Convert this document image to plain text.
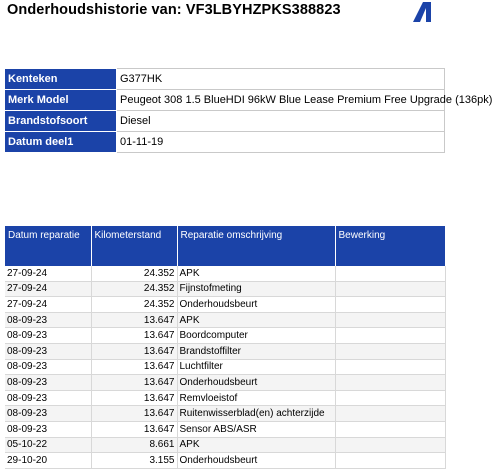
Onderhoudshistorie van: VF3LBYHZPKS388823
Kenteken	G377HK
Merk Model	Peugeot 308 1.5 BlueHDI 96kW Blue Lease Premium Free Upgrade (136pk)
Brandstofsoort	Diesel
Datum deel1	01-11-19
Datum reparatie	Kilometerstand	Reparatie omschrijving	Bewerking
27-09-24	24.352	APK	
27-09-24	24.352	Fijnstofmeting	
27-09-24	24.352	Onderhoudsbeurt	
08-09-23	13.647	APK	
08-09-23	13.647	Boordcomputer	
08-09-23	13.647	Brandstoffilter	
08-09-23	13.647	Luchtfilter	
08-09-23	13.647	Onderhoudsbeurt	
08-09-23	13.647	Remvloeistof	
08-09-23	13.647	Ruitenwisserblad(en) achterzijde	
08-09-23	13.647	Sensor ABS/ASR	
05-10-22	8.661	APK	
29-10-20	3.155	Onderhoudsbeurt	
